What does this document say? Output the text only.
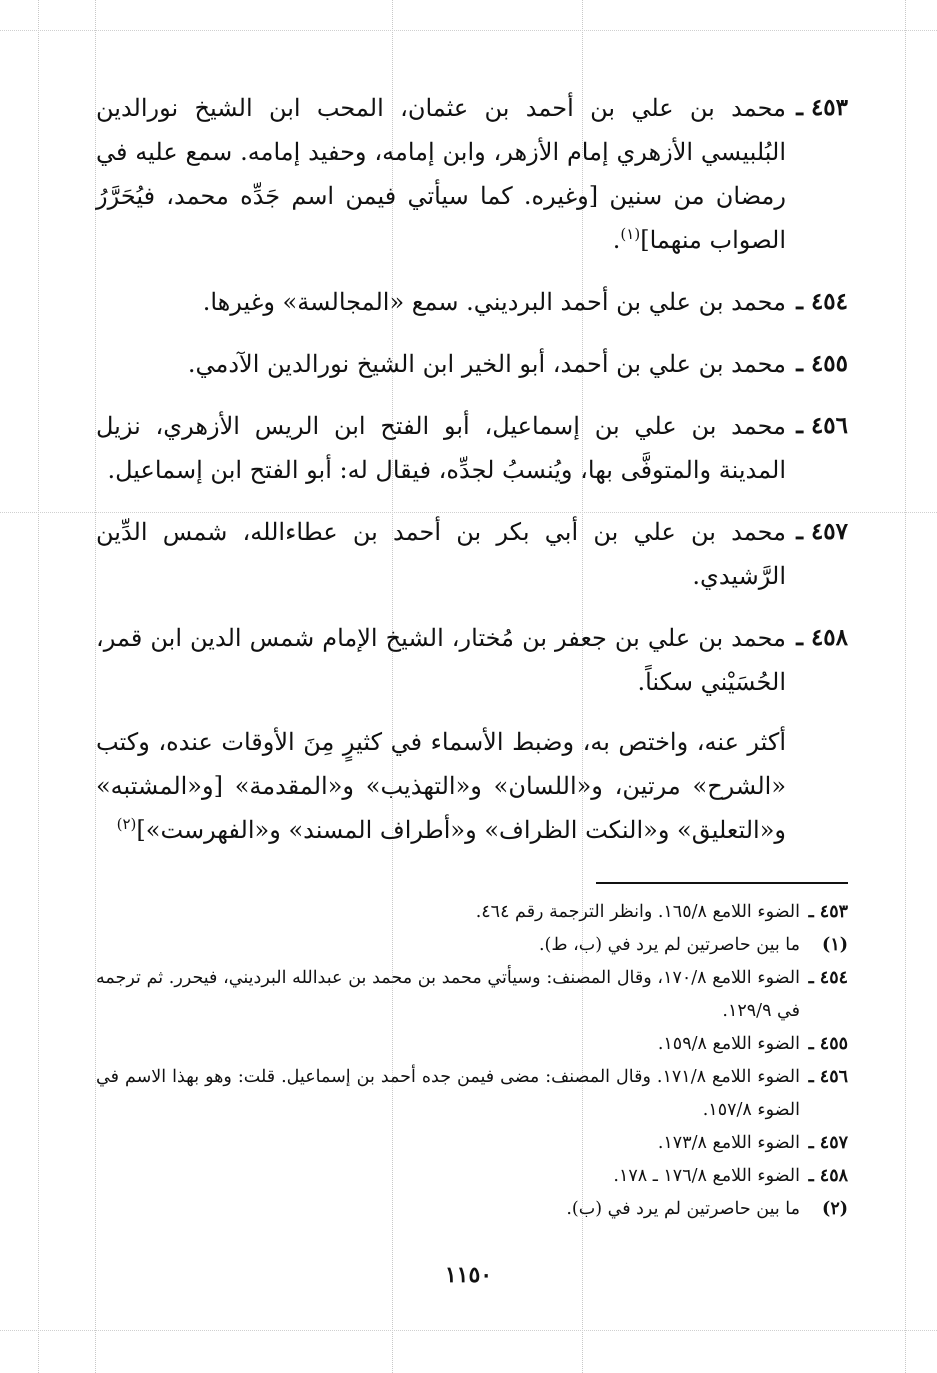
٤٥٣ ـ
محمد بن علي بن أحمد بن عثمان، المحب ابن الشيخ نورالدين البُلبيسي الأزهري إمام الأزهر، وابن إمامه، وحفيد إمامه. سمع عليه في رمضان من سنين [وغيره. كما سيأتي فيمن اسم جَدِّه محمد، فيُحَرَّرُ الصواب منهما]$^{(١)}$.
٤٥٤ ـ
محمد بن علي بن أحمد البرديني. سمع «المجالسة» وغيرها.
٤٥٥ ـ
محمد بن علي بن أحمد، أبو الخير ابن الشيخ نورالدين الآدمي.
٤٥٦ ـ
محمد بن علي بن إسماعيل، أبو الفتح ابن الريس الأزهري، نزيل المدينة والمتوفَّى بها، ويُنسبُ لجدِّه، فيقال له: أبو الفتح ابن إسماعيل.
٤٥٧ ـ
محمد بن علي بن أبي بكر بن أحمد بن عطاءالله، شمس الدِّين الرَّشيدي.
٤٥٨ ـ
محمد بن علي بن جعفر بن مُختار، الشيخ الإمام شمس الدين ابن قمر، الحُسَيْني سكناً.
أكثر عنه، واختص به، وضبط الأسماء في كثيرٍ مِنَ الأوقات عنده، وكتب «الشرح» مرتين، و«اللسان» و«التهذيب» و«المقدمة» [و«المشتبه» و«التعليق» و«النكت الظراف» و«أطراف المسند» و«الفهرست»]$^{(٢)}$
٤٥٣ ـ
الضوء اللامع ١٦٥/٨. وانظر الترجمة رقم ٤٦٤.
(١)
ما بين حاصرتين لم يرد في (ب، ط).
٤٥٤ ـ
الضوء اللامع ١٧٠/٨، وقال المصنف: وسيأتي محمد بن محمد بن عبدالله البرديني، فيحرر. ثم ترجمه في ١٢٩/٩.
٤٥٥ ـ
الضوء اللامع ١٥٩/٨.
٤٥٦ ـ
الضوء اللامع ١٧١/٨. وقال المصنف: مضى فيمن جده أحمد بن إسماعيل. قلت: وهو بهذا الاسم في الضوء ١٥٧/٨.
٤٥٧ ـ
الضوء اللامع ١٧٣/٨.
٤٥٨ ـ
الضوء اللامع ١٧٦/٨ ـ ١٧٨.
(٢)
ما بين حاصرتين لم يرد في (ب).
١١٥٠
